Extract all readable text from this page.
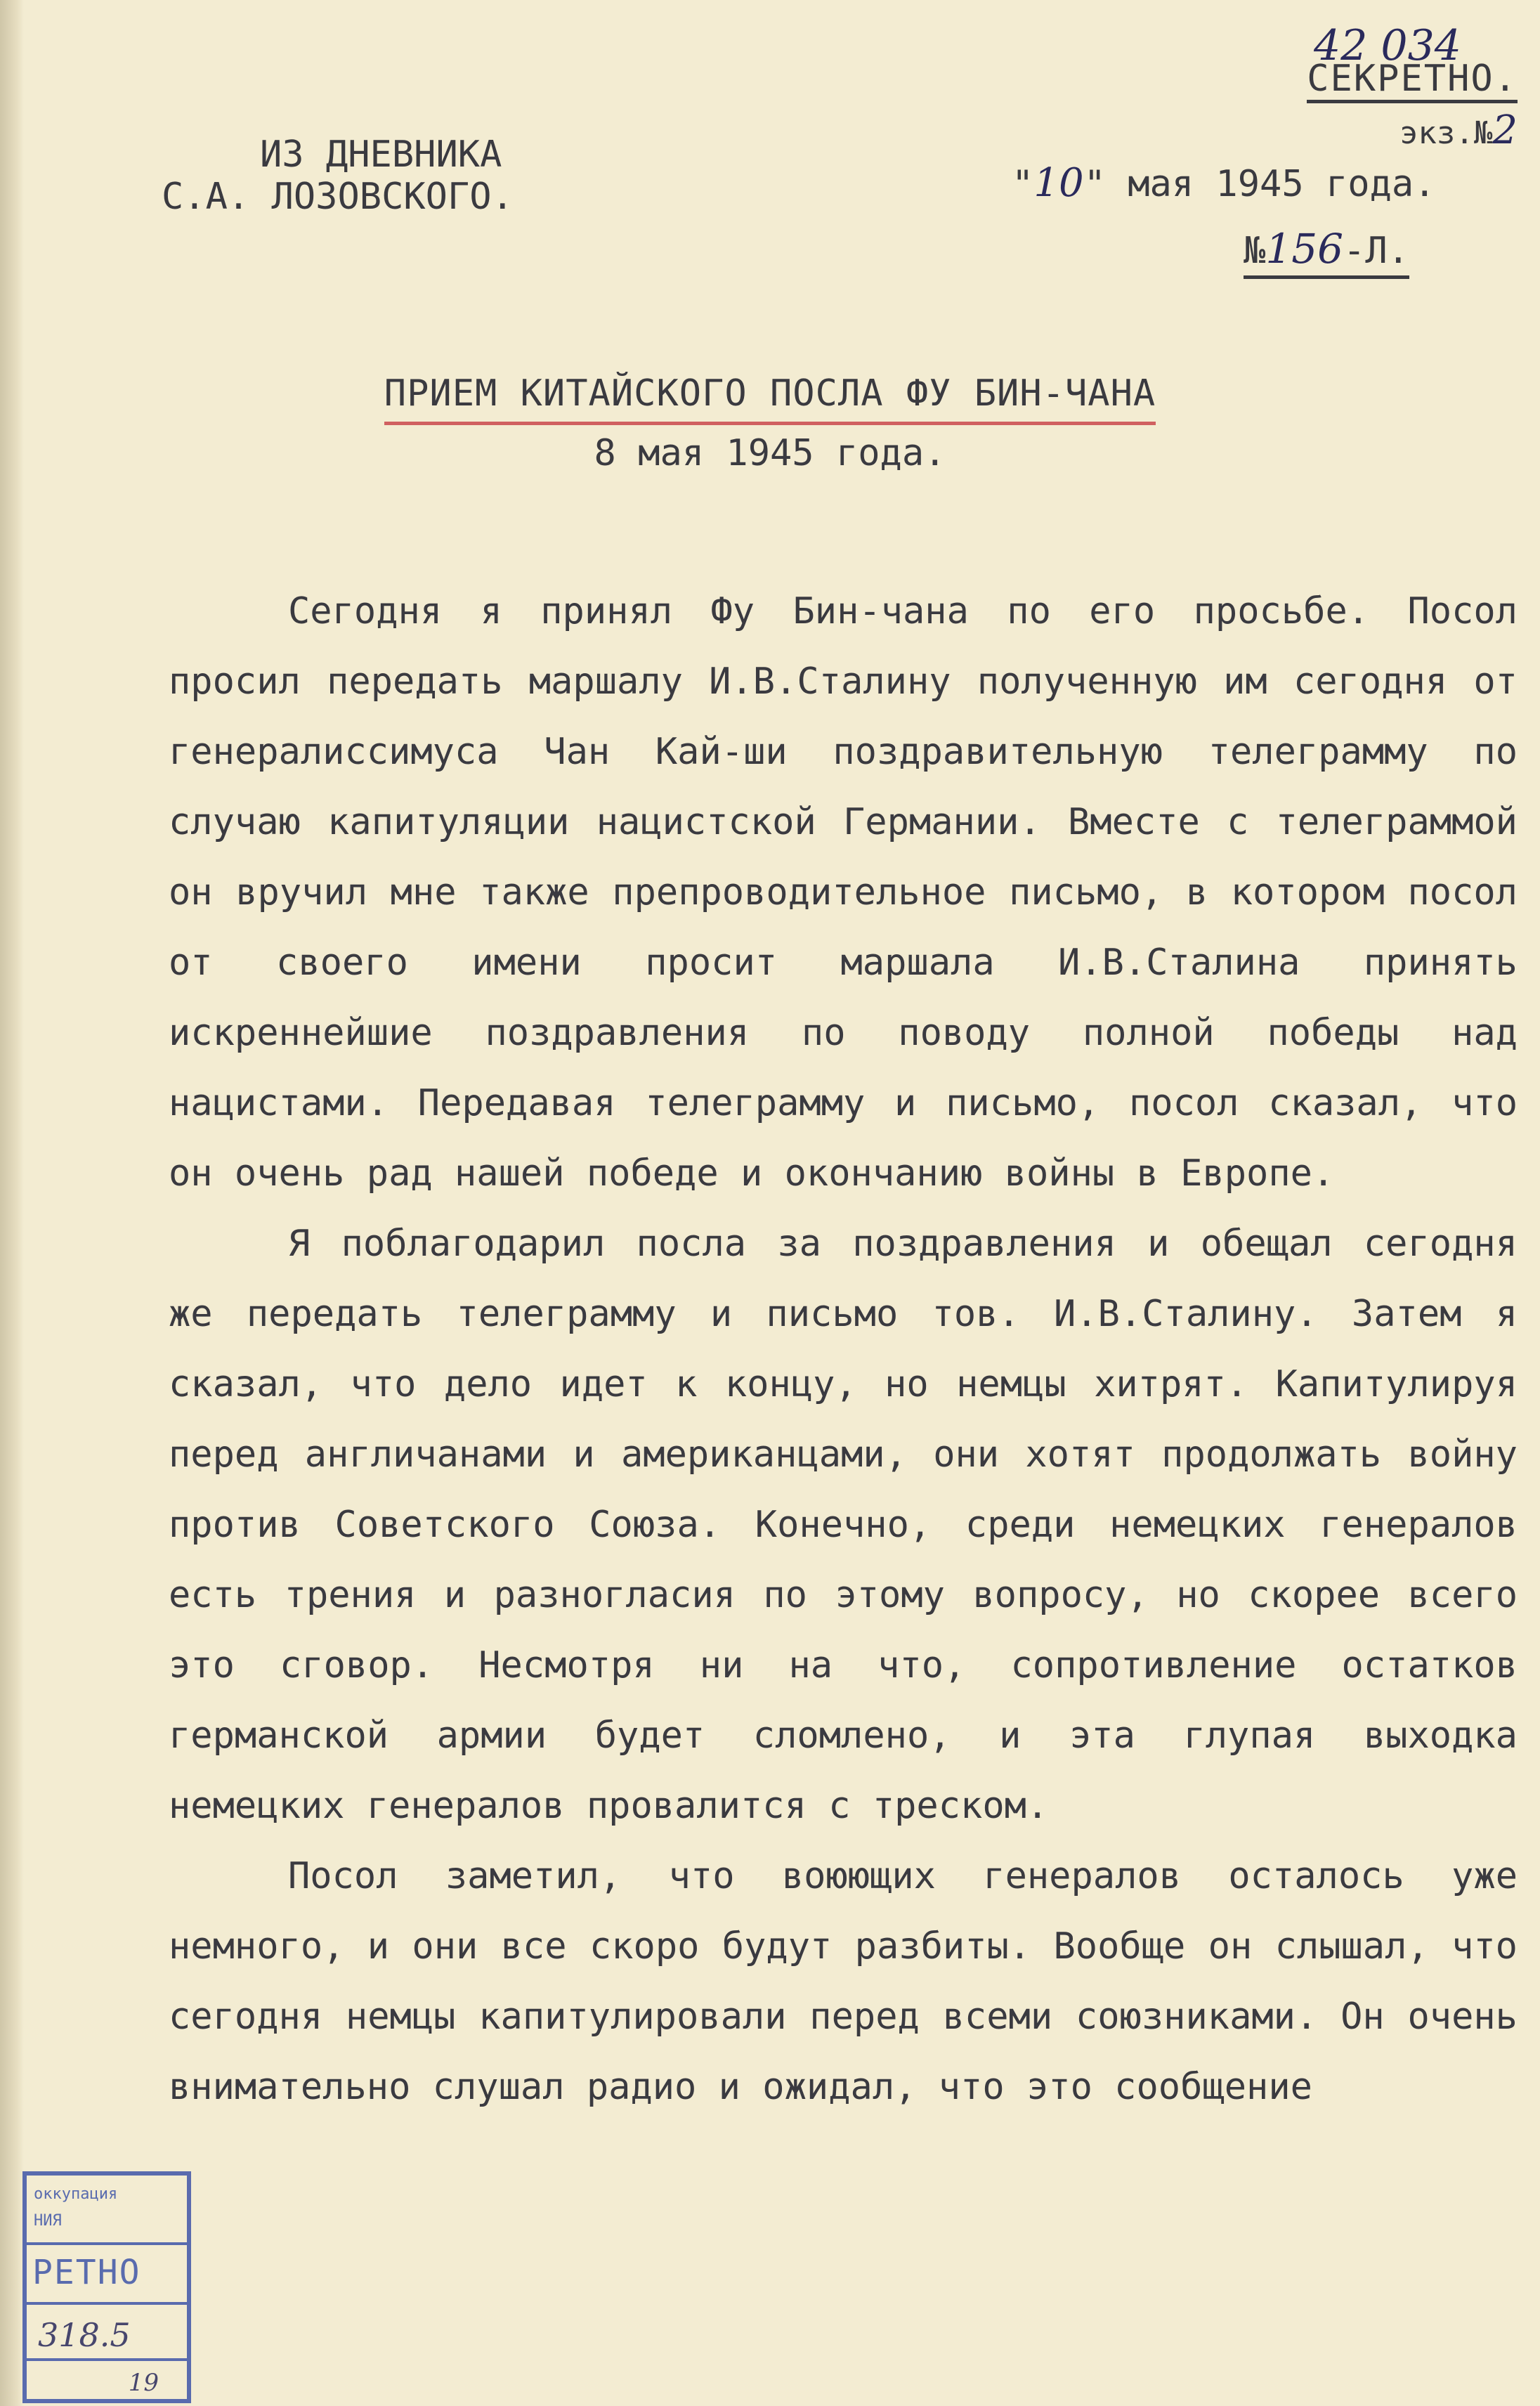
42 034
СЕКРЕТНО.
экз.№2
ИЗ ДНЕВНИКА
С.А. ЛОЗОВСКОГО.	"10" мая 1945 года.
№156-Л.
ПРИЕМ КИТАЙСКОГО ПОСЛА ФУ БИН-ЧАНА
8 мая 1945 года.

Сегодня я принял Фу Бин-чана по его просьбе. Посол просил передать маршалу И.В.Сталину полученную им сегодня от генералиссимуса Чан Кай-ши поздравительную телеграмму по случаю капитуляции нацистской Германии. Вместе с телеграммой он вручил мне также препроводительное письмо, в котором посол от своего имени просит маршала И.В.Сталина принять искреннейшие поздравления по поводу полной победы над нацистами. Передавая телеграмму и письмо, посол сказал, что он очень рад нашей победе и окончанию войны в Европе.

Я поблагодарил посла за поздравления и обещал сегодня же передать телеграмму и письмо тов. И.В.Сталину. Затем я сказал, что дело идет к концу, но немцы хитрят. Капитулируя перед англичанами и американцами, они хотят продолжать войну против Советского Союза. Конечно, среди немецких генералов есть трения и разногласия по этому вопросу, но скорее всего это сговор. Несмотря ни на что, сопротивление остатков германской армии будет сломлено, и эта глупая выходка немецких генералов провалится с треском.

Посол заметил, что воюющих генералов осталось уже немного, и они все скоро будут разбиты. Вообще он слышал, что сегодня немцы капитулировали перед всеми союзниками. Он очень внимательно слушал радио и ожидал, что это сообщение

оккупация
НИЯ
РЕТНО
318.5
19
